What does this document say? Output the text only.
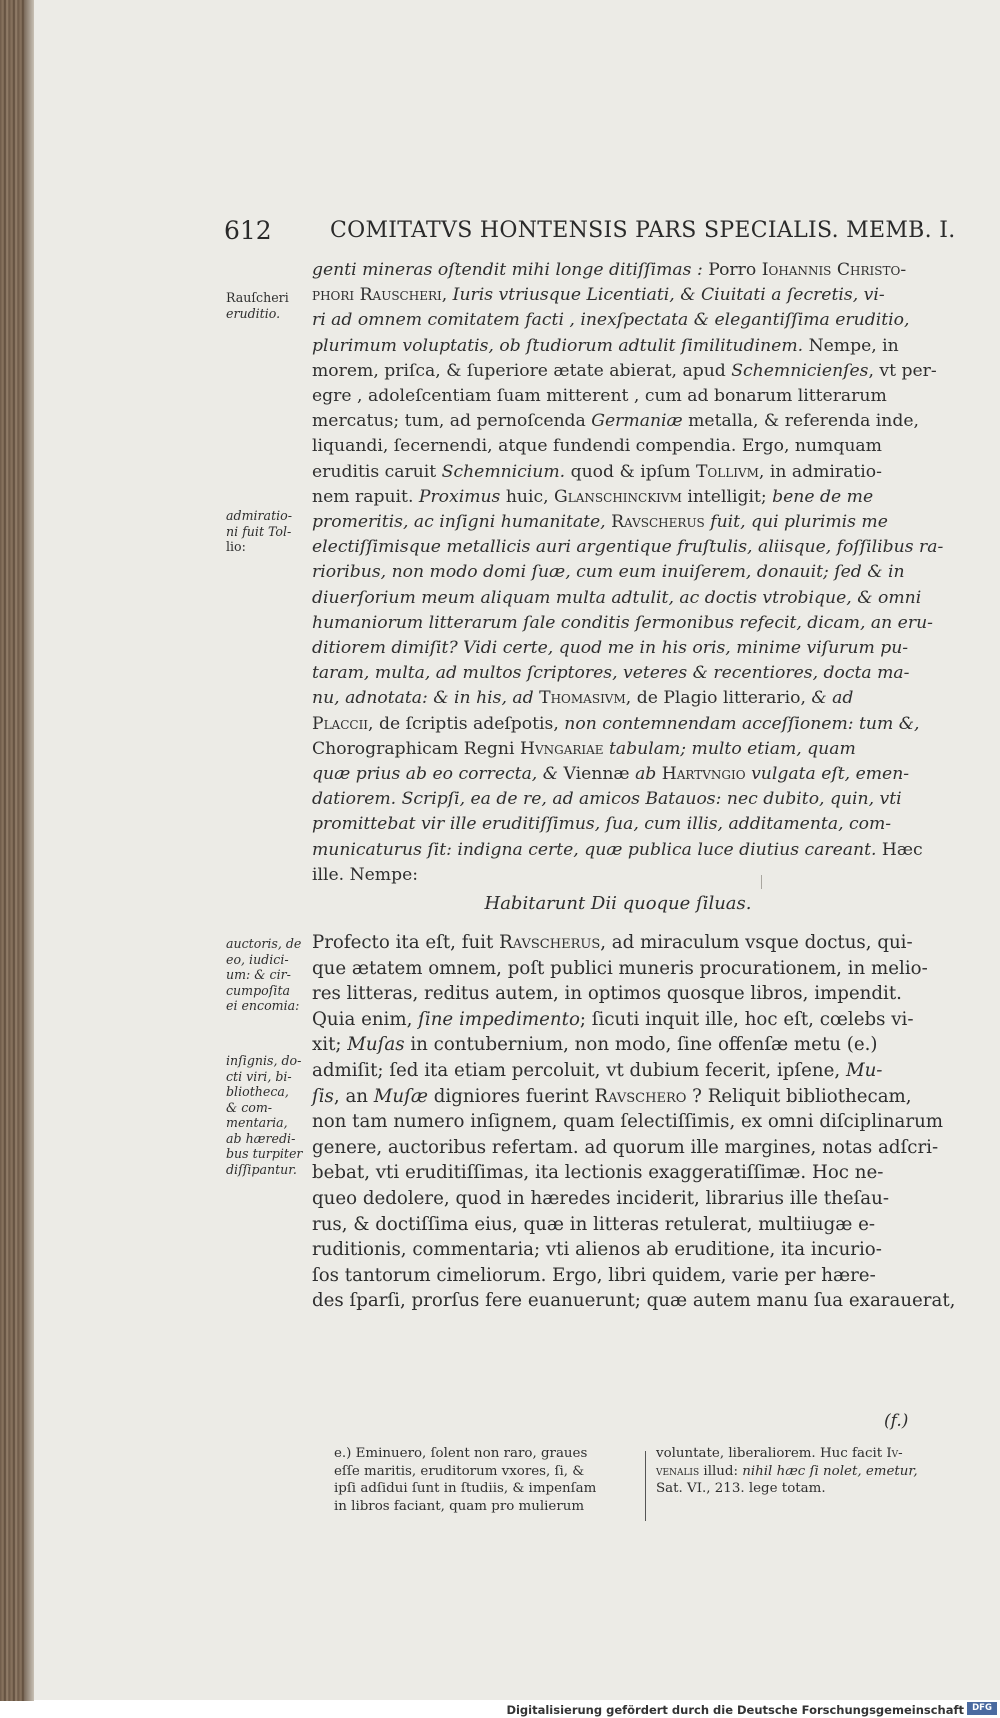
612	COMITATVS HONTENSIS PARS SPECIALIS. MEMB. I.
genti mineras oſtendit mihi longe ditiſſimas : Porro Iohannis Christo-
phori Rauscheri, Iuris vtriusque Licentiati, & Ciuitati a ſecretis, vi-
ri ad omnem comitatem facti , inexſpectata & elegantiſſima eruditio,
plurimum voluptatis, ob ſtudiorum adtulit ſimilitudinem. Nempe, in
morem, priſca, & ſuperiore ætate abierat, apud Schemnicienſes, vt per-
egre , adoleſcentiam ſuam mitterent , cum ad bonarum litterarum
mercatus; tum, ad pernoſcenda Germaniæ metalla, & referenda inde,
liquandi, ſecernendi, atque fundendi compendia. Ergo, numquam
eruditis caruit Schemnicium. quod & ipſum Tollivm, in admiratio-
nem rapuit. Proximus huic, Glanschinckivm intelligit; bene de me
promeritis, ac inſigni humanitate, Ravscherus fuit, qui plurimis me
electiſſimisque metallicis auri argentique fruſtulis, aliisque, foſſilibus ra-
rioribus, non modo domi ſuæ, cum eum inuiſerem, donauit; ſed & in
diuerſorium meum aliquam multa adtulit, ac doctis vtrobique, & omni
humaniorum litterarum ſale conditis ſermonibus refecit, dicam, an eru-
ditiorem dimiſit? Vidi certe, quod me in his oris, minime viſurum pu-
taram, multa, ad multos ſcriptores, veteres & recentiores, docta ma-
nu, adnotata: & in his, ad Thomasivm, de Plagio litterario, & ad
Placcii, de ſcriptis adeſpotis, non contemnendam acceſſionem: tum &,
Chorographicam Regni Hvngariae tabulam; multo etiam, quam
quæ prius ab eo correcta, & Viennæ ab Hartvngio vulgata eſt, emen-
datiorem. Scripſi, ea de re, ad amicos Batauos: nec dubito, quin, vti
promittebat vir ille eruditiſſimus, ſua, cum illis, additamenta, com-
municaturus ſit: indigna certe, quæ publica luce diutius careant. Hæc
ille. Nempe:
Habitarunt Dii quoque ſiluas.
Profecto ita eſt, fuit Ravscherus, ad miraculum vsque doctus, qui-
que ætatem omnem, poſt publici muneris procurationem, in melio-
res litteras, reditus autem, in optimos quosque libros, impendit.
Quia enim, ſine impedimento; ſicuti inquit ille, hoc eſt, cœlebs vi-
xit; Muſas in contubernium, non modo, ſine offenſæ metu (e.)
admiſit; ſed ita etiam percoluit, vt dubium fecerit, ipſene, Mu-
ſis, an Muſæ digniores fuerint Ravschero ? Reliquit bibliothecam,
non tam numero inſignem, quam ſelectiſſimis, ex omni diſciplinarum
genere, auctoribus refertam. ad quorum ille margines, notas adſcri-
bebat, vti eruditiſſimas, ita lectionis exaggeratiſſimæ. Hoc ne-
queo dedolere, quod in hæredes inciderit, librarius ille theſau-
rus, & doctiſſima eius, quæ in litteras retulerat, multiiugæ e-
ruditionis, commentaria; vti alienos ab eruditione, ita incurio-
ſos tantorum cimeliorum. Ergo, libri quidem, varie per hære-
des ſparſi, prorſus fere euanuerunt; quæ autem manu ſua exarauerat,
(f.)
Rauſcheri
eruditio.
admiratio-
ni fuit Tol-
lio:
auctoris, de
eo, iudici-
um: & cir-
cumpoſita
ei encomia:
inſignis, do-
cti viri, bi-
bliotheca,
& com-
mentaria,
ab hæredi-
bus turpiter
diſſipantur.
e.) Eminuero, ſolent non raro, graues
eſſe maritis, eruditorum vxores, ſi, &
ipſi adſidui ſunt in ſtudiis, & impenſam
in libros faciant, quam pro mulierum
voluntate, liberaliorem. Huc facit Iv-
venalis illud: nihil hæc ſi nolet, emetur,
Sat. VI., 213. lege totam.
Digitalisierung gefördert durch die Deutsche Forschungsgemeinschaft DFG
